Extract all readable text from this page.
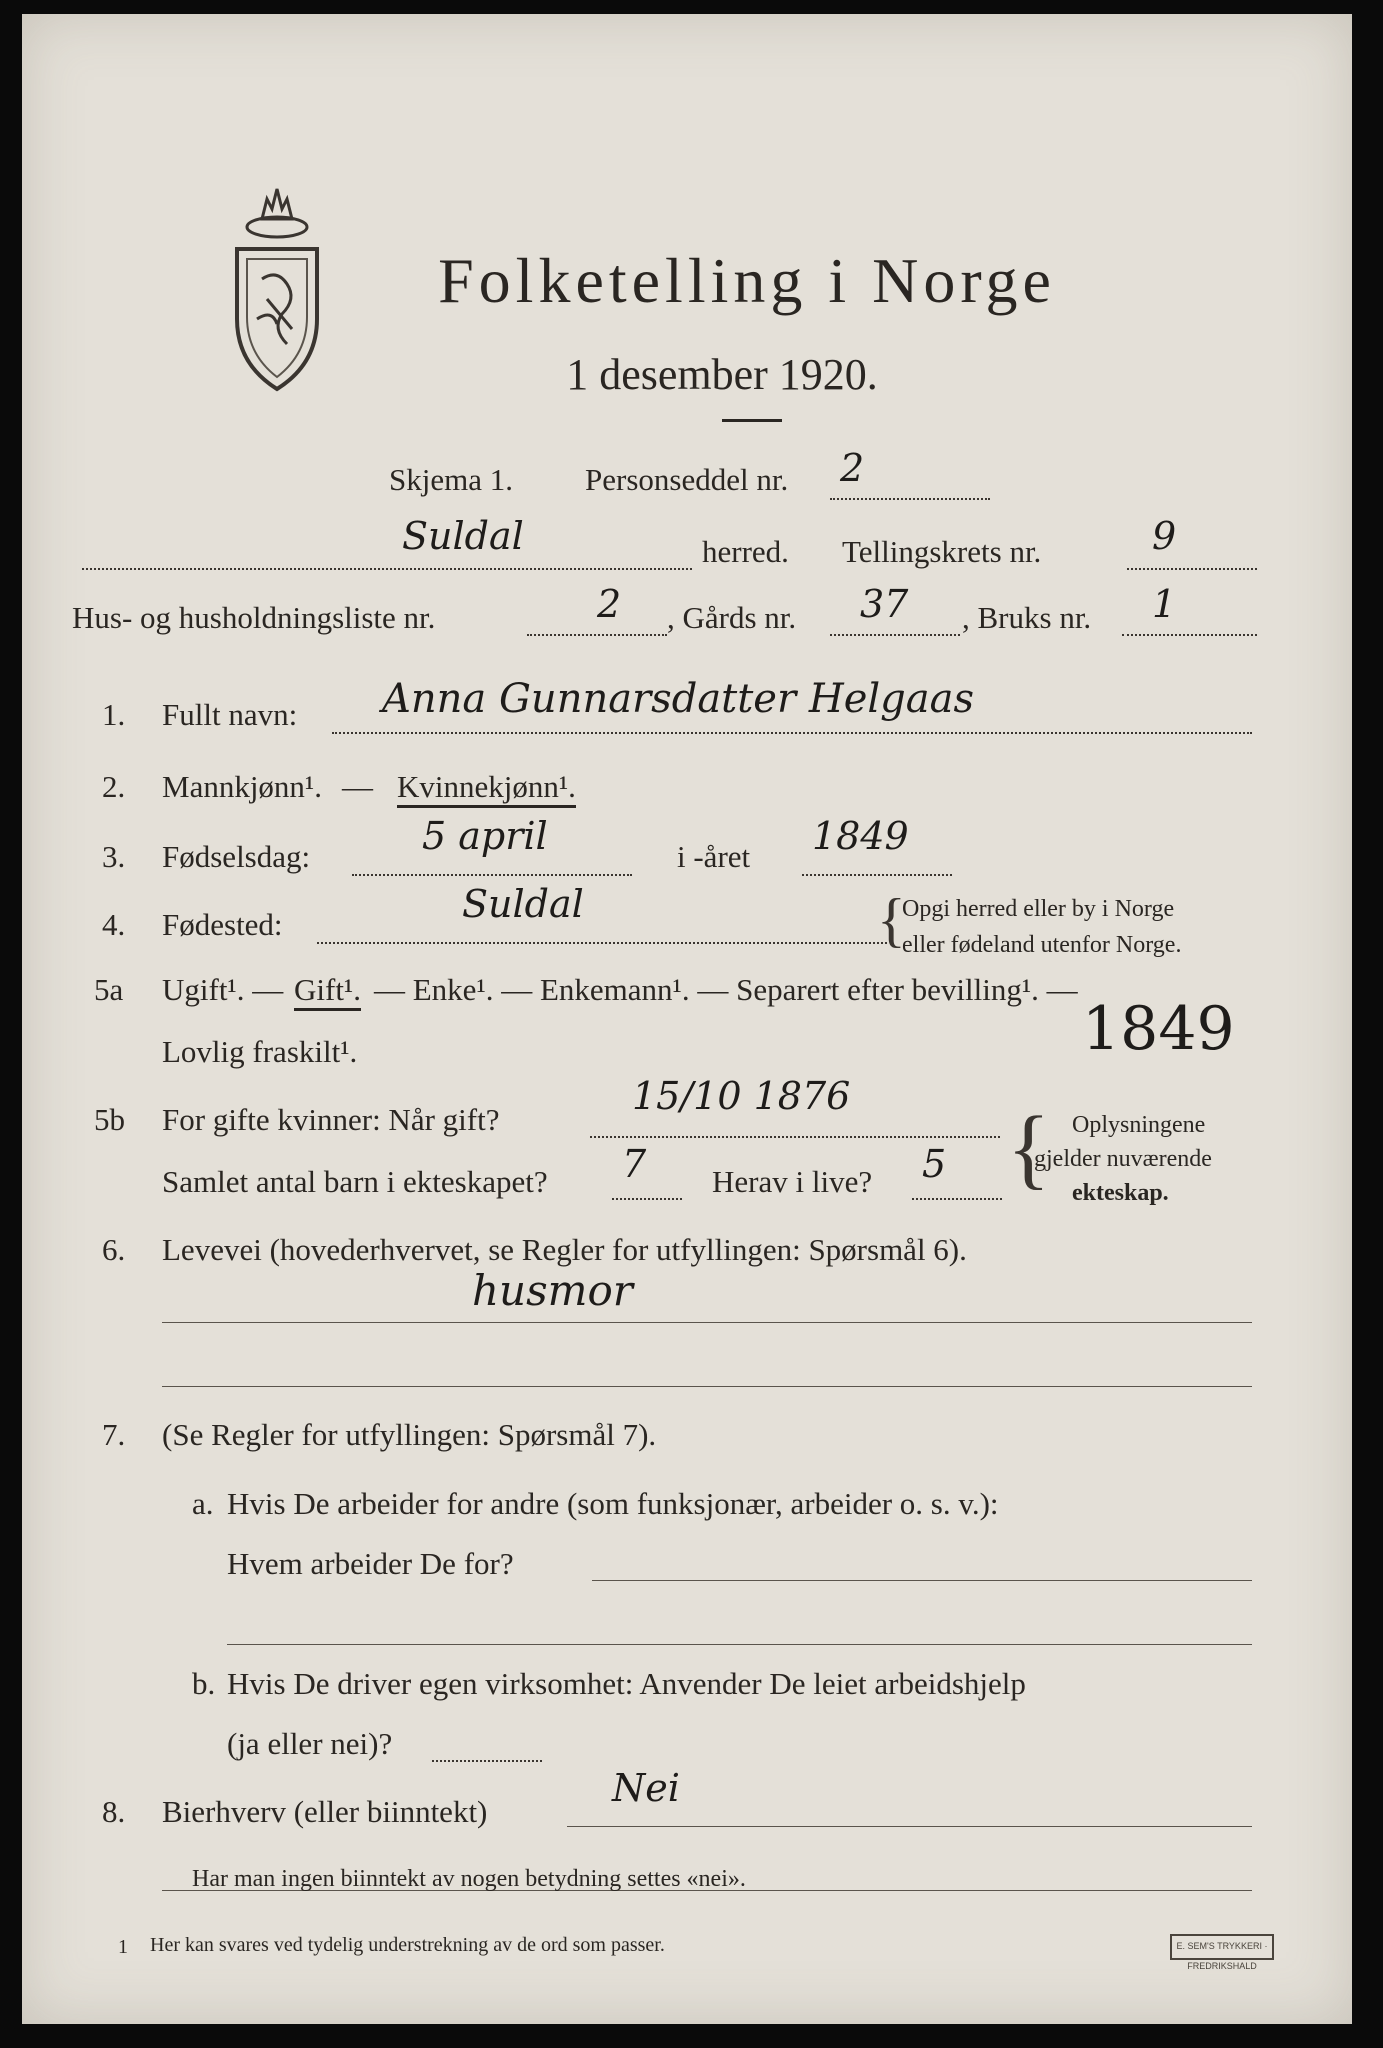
Folketelling i Norge
1 desember 1920.
Skjema 1. Personseddel nr. 2
Suldal	herred. Tellingskrets nr.	9
Hus- og husholdningsliste nr.	2 , Gårds nr. 37 , Bruks nr. 1
1. Fullt navn: Anna Gunnarsdatter Helgaas
2. Mannkjønn¹. — Kvinnekjønn¹.
3. Fødselsdag:	5 april	i -året 1849
4. Fødested:	Suldal	{
Opgi herred eller by i Norge
eller fødeland utenfor Norge.
5a Ugift¹. — Gift¹. — Enke¹. — Enkemann¹. — Separert efter bevilling¹. —
Lovlig fraskilt¹.	1849
5b For gifte kvinner: Når gift?
15/10 1876
Samlet antal barn i ekteskapet? 7 Herav i live? 5 { Oplysningene
gjelder nuværende
ekteskap.
6. Levevei (hovederhvervet, se Regler for utfyllingen: Spørsmål 6).
husmor
7. (Se Regler for utfyllingen: Spørsmål 7).
a. Hvis De arbeider for andre (som funksjonær, arbeider o. s. v.):
Hvem arbeider De for?
b. Hvis De driver egen virksomhet: Anvender De leiet arbeidshjelp
(ja eller nei)?
8. Bierhverv (eller biinntekt)
Nei
Har man ingen biinntekt av nogen betydning settes «nei».
1 Her kan svares ved tydelig understrekning av de ord som passer.	E. SEM'S TRYKKERI · FREDRIKSHALD
